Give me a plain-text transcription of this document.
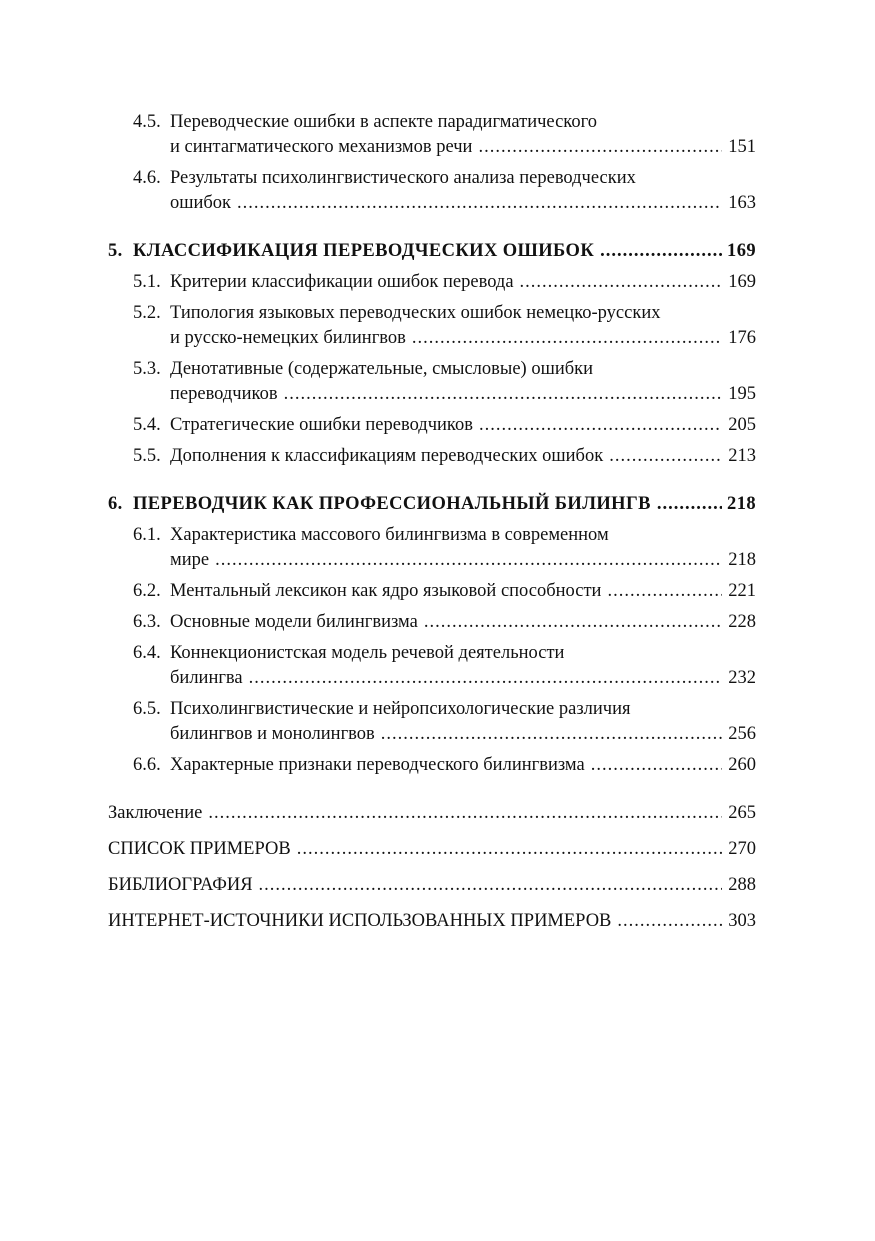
4.5. Переводческие ошибки в аспекте парадигматического
и синтагматического механизмов речи .....	151
4.6. Результаты психолингвистического анализа переводческих
ошибок .....	163
5. КЛАССИФИКАЦИЯ ПЕРЕВОДЧЕСКИХ ОШИБОК .....	169
5.1. Критерии классификации ошибок перевода .....	169
5.2. Типология языковых переводческих ошибок немецко-русских
и русско-немецких билингвов .....	176
5.3. Денотативные (содержательные, смысловые) ошибки
переводчиков .....	195
5.4. Стратегические ошибки переводчиков .....	205
5.5. Дополнения к классификациям переводческих ошибок .....	213
6. ПЕРЕВОДЧИК КАК ПРОФЕССИОНАЛЬНЫЙ БИЛИНГВ .....	218
6.1. Характеристика массового билингвизма в современном
мире .....	218
6.2. Ментальный лексикон как ядро языковой способности .....	221
6.3. Основные модели билингвизма .....	228
6.4. Коннекционистская модель речевой деятельности
билингва .....	232
6.5. Психолингвистические и нейропсихологические различия
билингвов и монолингвов .....	256
6.6. Характерные признаки переводческого билингвизма .....	260
Заключение .....	265
СПИСОК ПРИМЕРОВ .....	270
БИБЛИОГРАФИЯ .....	288
ИНТЕРНЕТ-ИСТОЧНИКИ ИСПОЛЬЗОВАННЫХ ПРИМЕРОВ .....	303
